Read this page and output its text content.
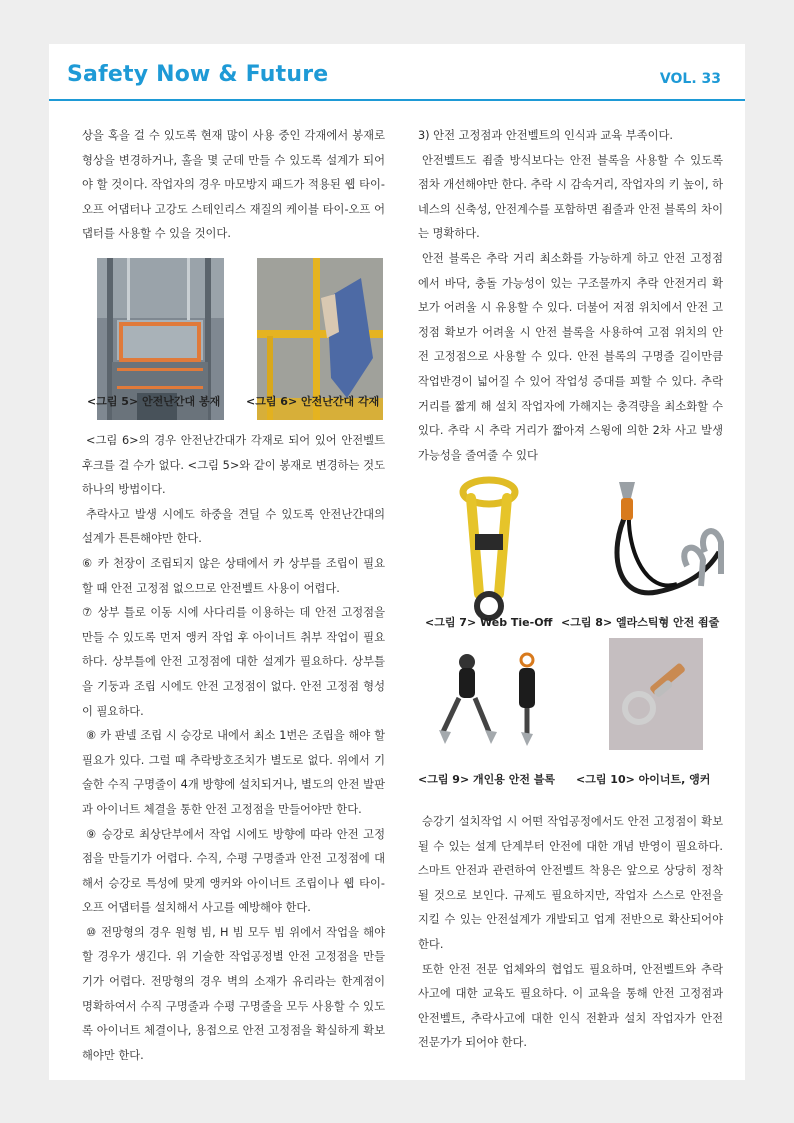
Safety Now & Future	VOL. 33

상을 혹을 걸 수 있도록 현재 많이 사용 중인 각재에서 봉재로형상을 변경하거나, 홀을 몇 군데 만들 수 있도록 설계가 되어야 할 것이다. 작업자의 경우 마모방지 패드가 적용된 웹 타이-오프 어댑터나 고강도 스테인리스 재질의 케이블 타이-오프 어댑터를 사용할 수 있을 것이다.

<그림 5> 안전난간대 봉재 <그림 6> 안전난간대 각재

<그림 6>의 경우 안전난간대가 각재로 되어 있어 안전벨트 후크를 걸 수가 없다. <그림 5>와 같이 봉재로 변경하는 것도 하나의 방법이다.

추락사고 발생 시에도 하중을 견딜 수 있도록 안전난간대의 설계가 튼튼해야만 한다.

⑥ 카 천장이 조립되지 않은 상태에서 카 상부를 조립이 필요할 때 안전 고정점 없으므로 안전벨트 사용이 어렵다.

⑦ 상부 틀로 이동 시에 사다리를 이용하는 데 안전 고정점을 만들 수 있도록 먼저 앵커 작업 후 아이너트 취부 작업이 필요하다. 상부틀에 안전 고정점에 대한 설계가 필요하다. 상부틀을 기둥과 조립 시에도 안전 고정점이 없다. 안전 고정점 형성이 필요하다.

⑧ 카 판넬 조립 시 승강로 내에서 최소 1번은 조립을 해야 할 필요가 있다. 그럴 때 추락방호조치가 별도로 없다. 위에서 기술한 수직 구명줄이 4개 방향에 설치되거나, 별도의 안전 발판과 아이너트 체결을 통한 안전 고정점을 만들어야만 한다.

⑨ 승강로 최상단부에서 작업 시에도 방향에 따라 안전 고정점을 만들기가 어렵다. 수직, 수평 구명줄과 안전 고정점에 대해서 승강로 특성에 맞게 앵커와 아이너트 조립이나 웹 타이-오프 어댑터를 설치해서 사고를 예방해야 한다.

⑩ 전망형의 경우 원형 빔, H 빔 모두 빔 위에서 작업을 해야 할 경우가 생긴다. 위 기술한 작업공정별 안전 고정점을 만들기가 어렵다. 전망형의 경우 벽의 소재가 유리라는 한계점이 명확하여서 수직 구명줄과 수평 구명줄을 모두 사용할 수 있도록 아이너트 체결이나, 용접으로 안전 고정점을 확실하게 확보해야만 한다.

3) 안전 고정점과 안전벨트의 인식과 교육 부족이다.

안전벨트도 죔줄 방식보다는 안전 블록을 사용할 수 있도록 점차 개선해야만 한다. 추락 시 감속거리, 작업자의 키 높이, 하네스의 신축성, 안전계수를 포함하면 죔줄과 안전 블록의 차이는 명확하다.

안전 블록은 추락 거리 최소화를 가능하게 하고 안전 고정점에서 바닥, 충돌 가능성이 있는 구조물까지 추락 안전거리 확보가 어려울 시 유용할 수 있다. 더불어 저점 위치에서 안전 고정점 확보가 어려울 시 안전 블록을 사용하여 고점 위치의 안전 고정점으로 사용할 수 있다. 안전 블록의 구명줄 길이만큼 작업반경이 넓어질 수 있어 작업성 증대를 꾀할 수 있다. 추락 거리를 짧게 해 설치 작업자에 가해지는 충격량을 최소화할 수 있다. 추락 시 추락 거리가 짧아져 스윙에 의한 2차 사고 발생 가능성을 줄여줄 수 있다

<그림 7> Web Tie-Off <그림 8> 엘라스틱형 안전 죔줄
<그림 9> 개인용 안전 블록 <그림 10> 아이너트, 앵커

승강기 설치작업 시 어떤 작업공정에서도 안전 고정점이 확보될 수 있는 설계 단계부터 안전에 대한 개념 반영이 필요하다. 스마트 안전과 관련하여 안전벨트 착용은 앞으로 상당히 정착될 것으로 보인다. 규제도 필요하지만, 작업자 스스로 안전을 지킬 수 있는 안전설계가 개발되고 업계 전반으로 확산되어야 한다.

또한 안전 전문 업체와의 협업도 필요하며, 안전벨트와 추락 사고에 대한 교육도 필요하다. 이 교육을 통해 안전 고정점과 안전벨트, 추락사고에 대한 인식 전환과 설치 작업자가 안전 전문가가 되어야 한다.
